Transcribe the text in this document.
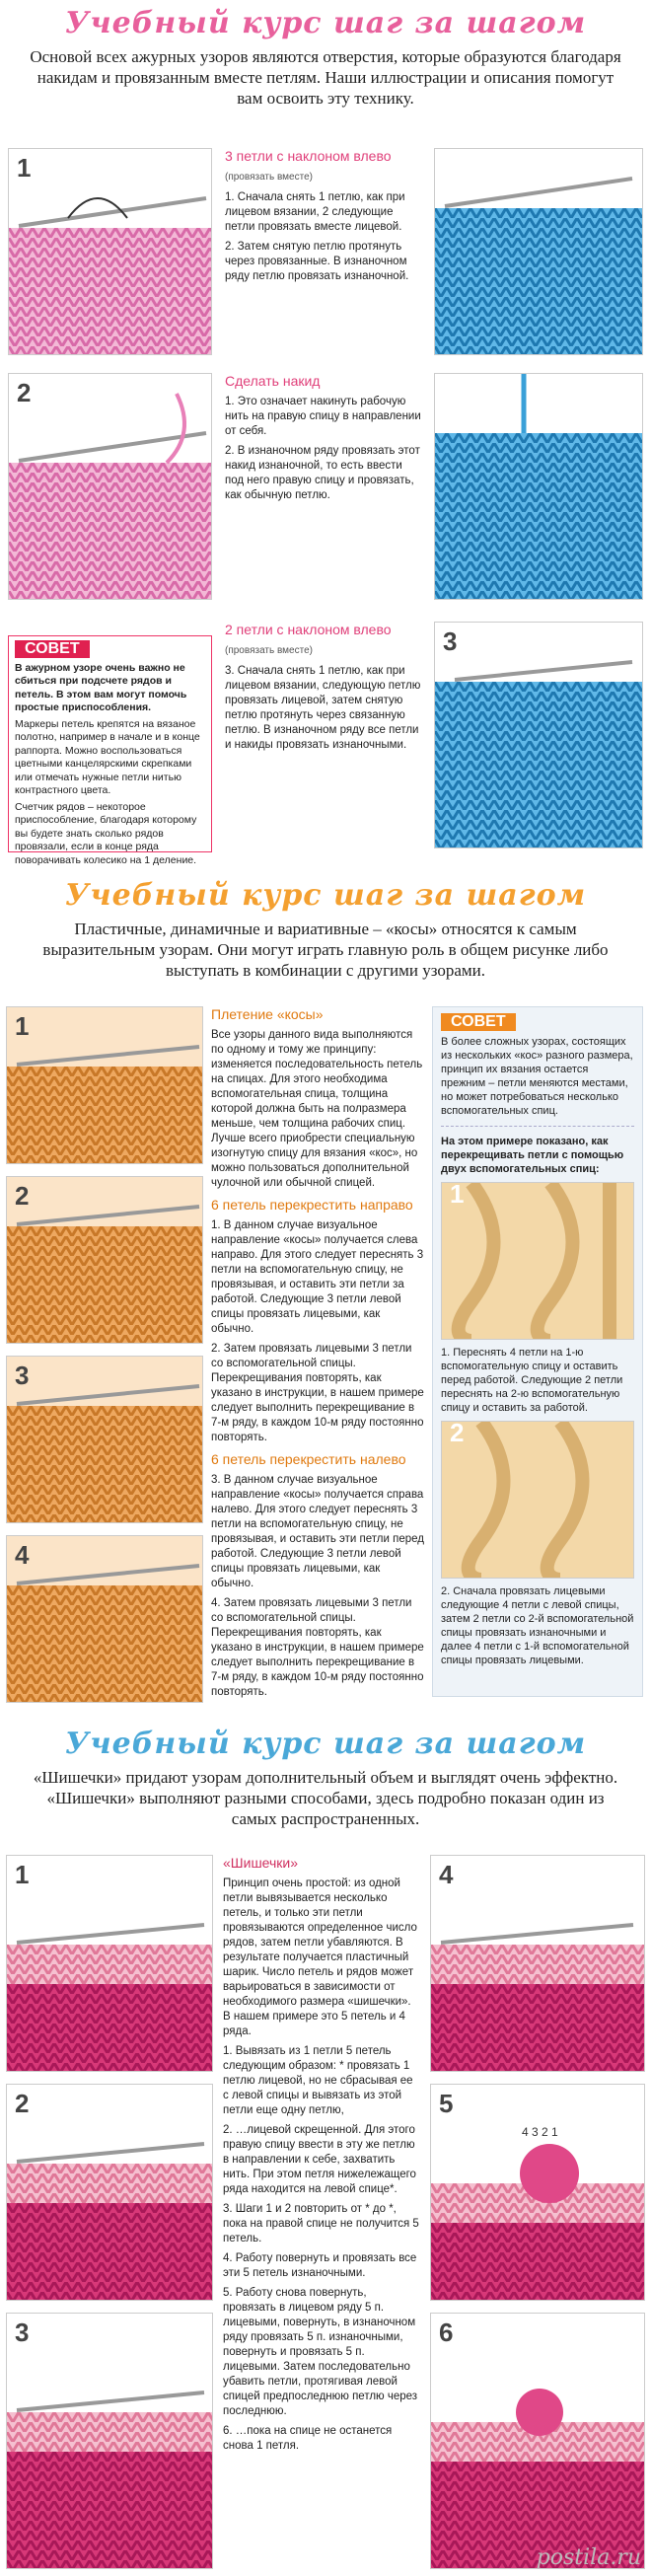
Учебный курс шаг за шагом
Основой всех ажурных узоров являются отверстия, которые образуются благодаря накидам и провязанным вместе петлям. Наши иллюстрации и описания помогут вам освоить эту технику.
1
2

3 петли с наклоном влево

(провязать вместе)

1. Сначала снять 1 петлю, как при лицевом вязании, 2 следующие петли провязать вместе лицевой.

2. Затем снятую петлю протянуть через провязанные. В изнаночном ряду петлю провязать изнаночной.

Сделать накид

1. Это означает накинуть рабочую нить на правую спицу в направлении от себя.

2. В изнаночном ряду провязать этот накид изнаночной, то есть ввести под него правую спицу и провязать, как обычную петлю.

2 петли с наклоном влево

(провязать вместе)

3. Сначала снять 1 петлю, как при лицевом вязании, следующую петлю провязать лицевой, затем снятую петлю протянуть через связанную петлю. В изнаночном ряду все петли и накиды провязать изнаночными.

3
СОВЕТ

В ажурном узоре очень важно не сбиться при подсчете рядов и петель. В этом вам могут помочь простые приспособления.

Маркеры петель крепятся на вязаное полотно, например в начале и в конце раппорта. Можно воспользоваться цветными канцелярскими скрепками или отмечать нужные петли нитью контрастного цвета.

Счетчик рядов – некоторое приспособление, благодаря которому вы будете знать сколько рядов провязали, если в конце ряда поворачивать колесико на 1 деление.

Учебный курс шаг за шагом
Пластичные, динамичные и вариативные – «косы» относятся к самым выразительным узорам. Они могут играть главную роль в общем рисунке либо выступать в комбинации с другими узорами.
1
2
3
4

Плетение «косы»

Все узоры данного вида выполняются по одному и тому же принципу: изменяется последовательность петель на спицах. Для этого необходима вспомогательная спица, толщина которой должна быть на полразмера меньше, чем толщина рабочих спиц. Лучше всего приобрести специальную изогнутую спицу для вязания «кос», но можно пользоваться дополнительной чулочной или обычной спицей.

6 петель перекрестить направо

1. В данном случае визуальное направление «косы» получается слева направо. Для этого следует переснять 3 петли на вспомогательную спицу, не провязывая, и оставить эти петли за работой. Следующие 3 петли левой спицы провязать лицевыми, как обычно.

2. Затем провязать лицевыми 3 петли со вспомогательной спицы. Перекрещивания повторять, как указано в инструкции, в нашем примере следует выполнить перекрещивание в 7-м ряду, в каждом 10-м ряду постоянно повторять.

6 петель перекрестить налево

3. В данном случае визуальное направление «косы» получается справа налево. Для этого следует переснять 3 петли на вспомогательную спицу, не провязывая, и оставить эти петли перед работой. Следующие 3 петли левой спицы провязать лицевыми, как обычно.

4. Затем провязать лицевыми 3 петли со вспомогательной спицы. Перекрещивания повторять, как указано в инструкции, в нашем примере следует выполнить перекрещивание в 7-м ряду, в каждом 10-м ряду постоянно повторять.

СОВЕТ

В более сложных узорах, состоящих из нескольких «кос» разного размера, принцип их вязания остается прежним – петли меняются местами, но может потребоваться несколько вспомогательных спиц.

На этом примере показано, как перекрещивать петли с помощью двух вспомогательных спиц:

1

1. Переснять 4 петли на 1-ю вспомогательную спицу и оставить перед работой. Следующие 2 петли переснять на 2-ю вспомогательную спицу и оставить за работой.

2

2. Сначала провязать лицевыми следующие 4 петли с левой спицы, затем 2 петли со 2-й вспомогательной спицы провязать изнаночными и далее 4 петли с 1-й вспомогательной спицы провязать лицевыми.

Учебный курс шаг за шагом
«Шишечки» придают узорам дополнительный объем и выглядят очень эффектно. «Шишечки» выполняют разными способами, здесь подробно показан один из самых распространенных.
1
2
3

«Шишечки»

Принцип очень простой: из одной петли вывязывается несколько петель, и только эти петли провязываются определенное число рядов, затем петли убавляются. В результате получается пластичный шарик. Число петель и рядов может варьироваться в зависимости от необходимого размера «шишечки». В нашем примере это 5 петель и 4 ряда.

1. Вывязать из 1 петли 5 петель следующим образом: * провязать 1 петлю лицевой, но не сбрасывая ее с левой спицы и вывязать из этой петли еще одну петлю,

2. …лицевой скрещенной. Для этого правую спицу ввести в эту же петлю в направлении к себе, захватить нить. При этом петля нижележащего ряда находится на левой спице*.

3. Шаги 1 и 2 повторить от * до *, пока на правой спице не получится 5 петель.

4. Работу повернуть и провязать все эти 5 петель изнаночными.

5. Работу снова повернуть, провязать в лицевом ряду 5 п. лицевыми, повернуть, в изнаночном ряду провязать 5 п. изнаночными, повернуть и провязать 5 п. лицевыми. Затем последовательно убавить петли, протягивая левой спицей предпоследнюю петлю через последнюю.

6. …пока на спице не останется снова 1 петля.

4
5
4 3 2 1
6
postila.ru
